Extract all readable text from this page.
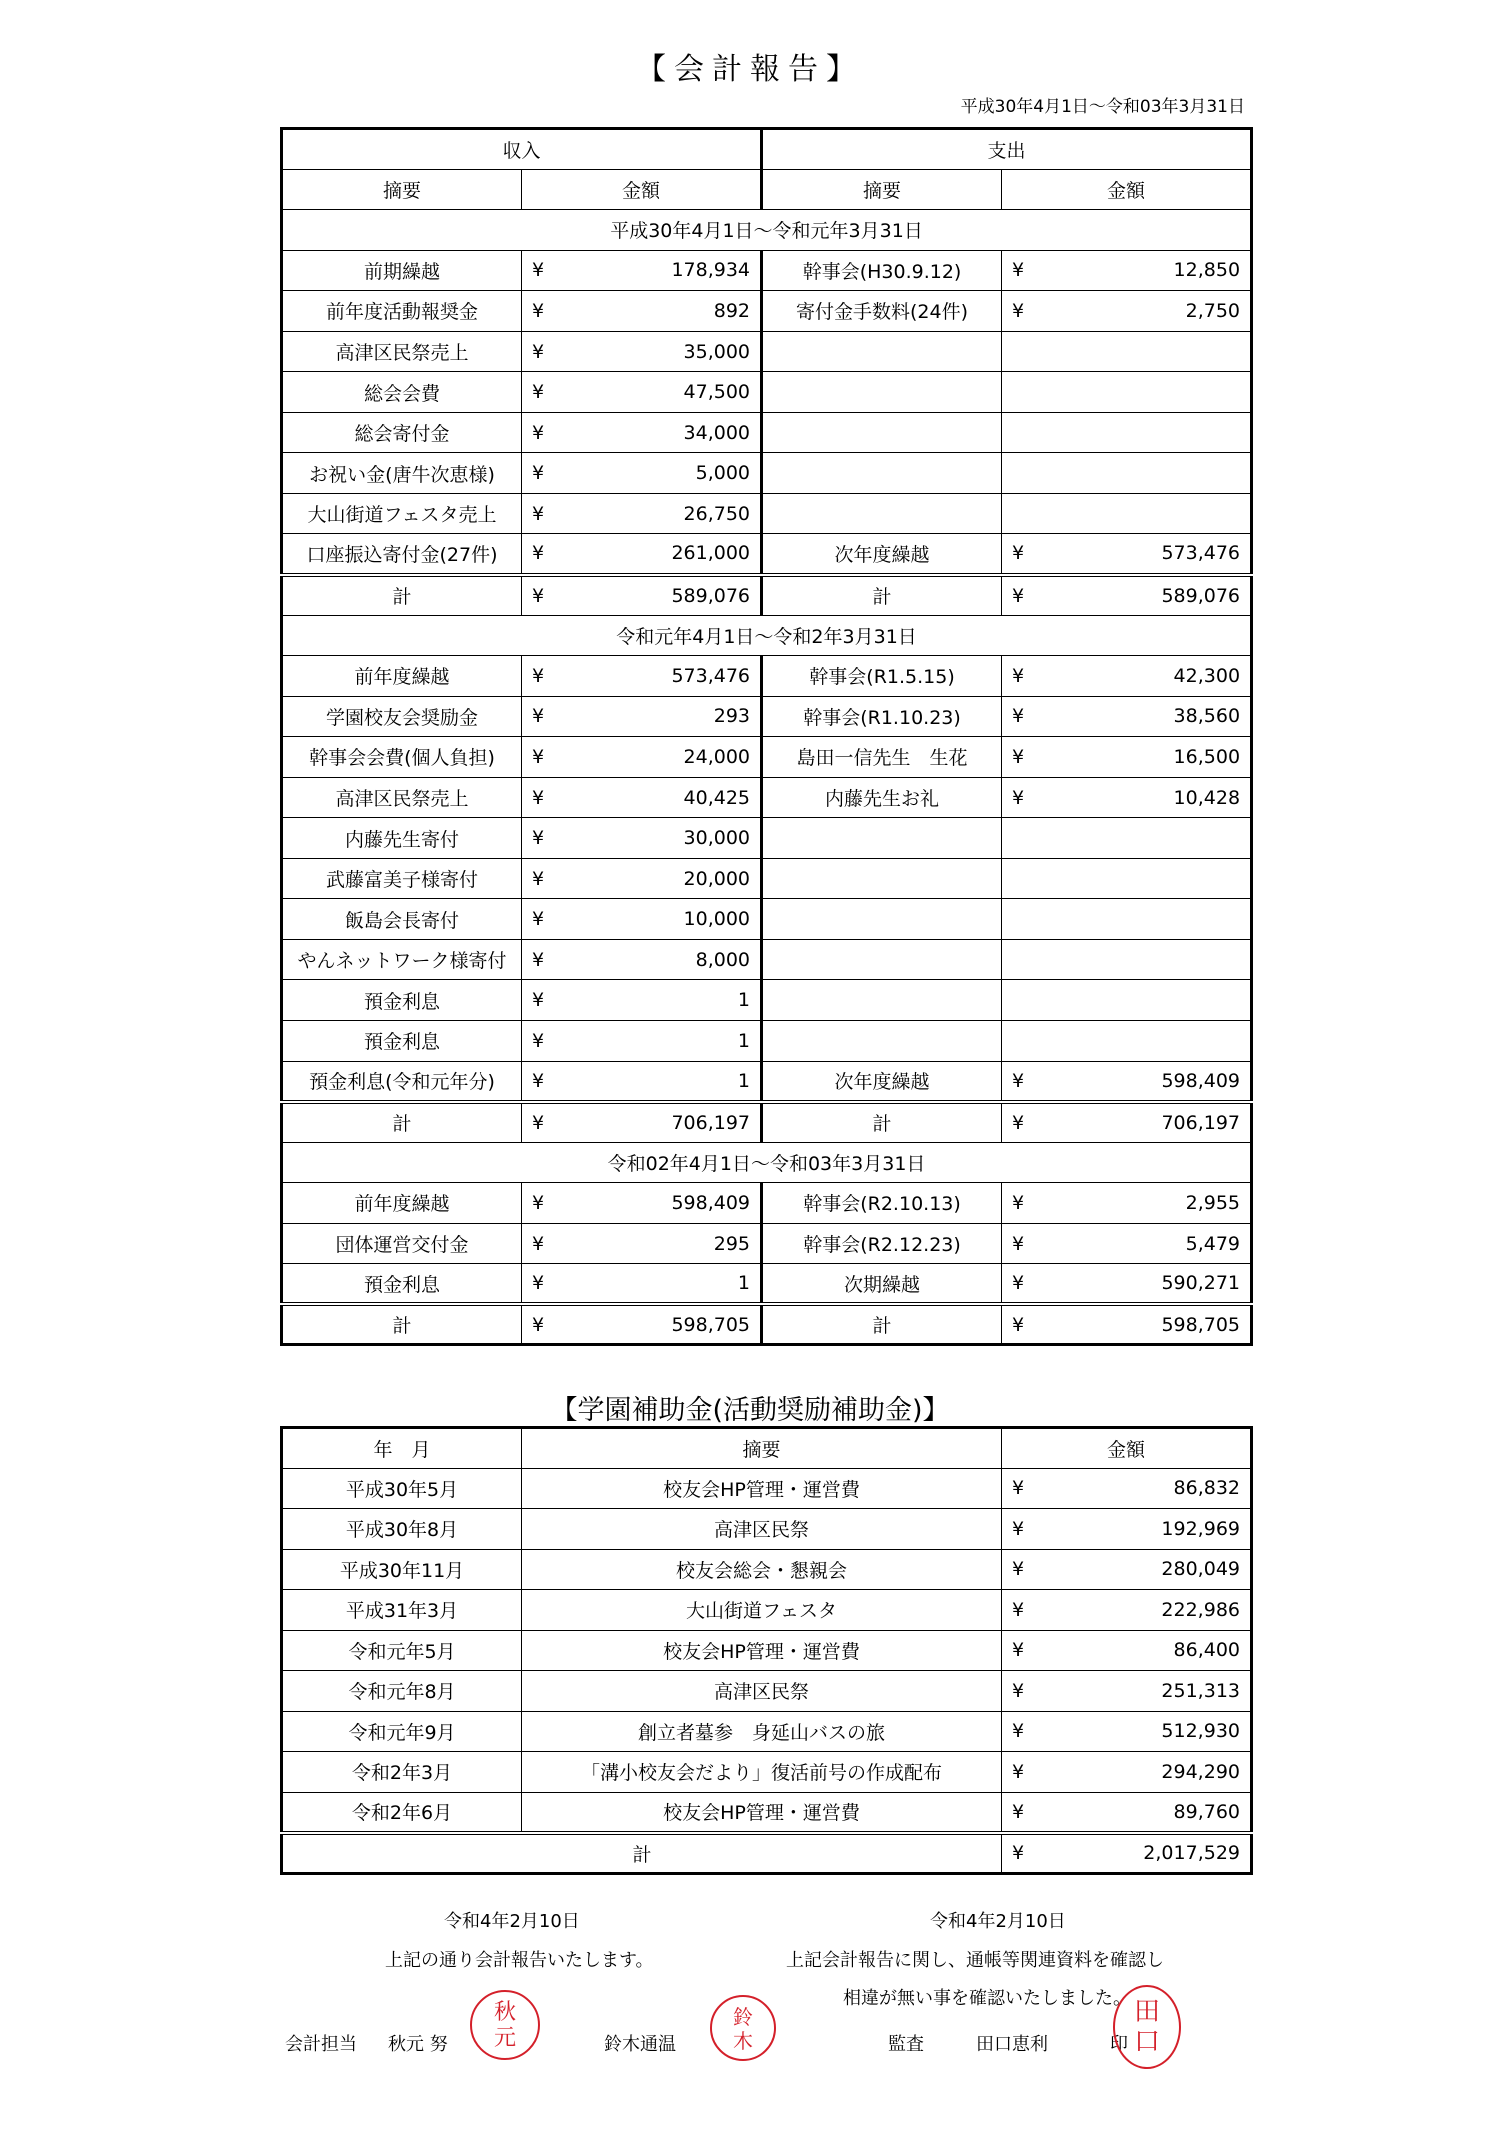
【会計報告】
平成30年4月1日～令和03年3月31日
収入		支出	
摘要	金額	摘要	金額
平成30年4月1日～令和元年3月31日			
前期繰越	¥ 178,934	幹事会(H30.9.12)	¥ 12,850

前年度活動報奨金	¥ 892	寄付金手数料(24件)	¥ 2,750

高津区民祭売上	¥ 35,000		

総会会費	¥ 47,500		

総会寄付金	¥ 34,000		

お祝い金(唐牛次恵様)	¥ 5,000		

大山街道フェスタ売上	¥ 26,750		

口座振込寄付金(27件)	¥ 261,000	次年度繰越	¥ 573,476

計	¥ 589,076	計	¥ 589,076

令和元年4月1日～令和2年3月31日			
前年度繰越	¥ 573,476	幹事会(R1.5.15)	¥ 42,300

学園校友会奨励金	¥ 293	幹事会(R1.10.23)	¥ 38,560

幹事会会費(個人負担)	¥ 24,000	島田一信先生　生花	¥ 16,500

高津区民祭売上	¥ 40,425	内藤先生お礼	¥ 10,428

内藤先生寄付	¥ 30,000		

武藤富美子様寄付	¥ 20,000		

飯島会長寄付	¥ 10,000		

やんネットワーク様寄付	¥ 8,000		

預金利息	¥ 1		

預金利息	¥ 1		

預金利息(令和元年分)	¥ 1	次年度繰越	¥ 598,409

計	¥ 706,197	計	¥ 706,197

令和02年4月1日～令和03年3月31日			
前年度繰越	¥ 598,409	幹事会(R2.10.13)	¥ 2,955

団体運営交付金	¥ 295	幹事会(R2.12.23)	¥ 5,479

預金利息	¥ 1	次期繰越	¥ 590,271

計	¥ 598,705	計	¥ 598,705
【学園補助金(活動奨励補助金)】
年　月	摘要	金額
平成30年5月	校友会HP管理・運営費	¥ 86,832

平成30年8月	高津区民祭	¥ 192,969

平成30年11月	校友会総会・懇親会	¥ 280,049

平成31年3月	大山街道フェスタ	¥ 222,986

令和元年5月	校友会HP管理・運営費	¥ 86,400

令和元年8月	高津区民祭	¥ 251,313

令和元年9月	創立者墓参　身延山バスの旅	¥ 512,930

令和2年3月	「溝小校友会だより」復活前号の作成配布	¥ 294,290

令和2年6月	校友会HP管理・運営費	¥ 89,760

計		¥ 2,017,529
令和4年2月10日
上記の通り会計報告いたします。
会計担当 秋元 努	鈴木通温
令和4年2月10日
上記会計報告に関し、通帳等関連資料を確認し
相違が無い事を確認いたしました。
監査	田口恵利	印
秋
元
鈴
木
田
口
